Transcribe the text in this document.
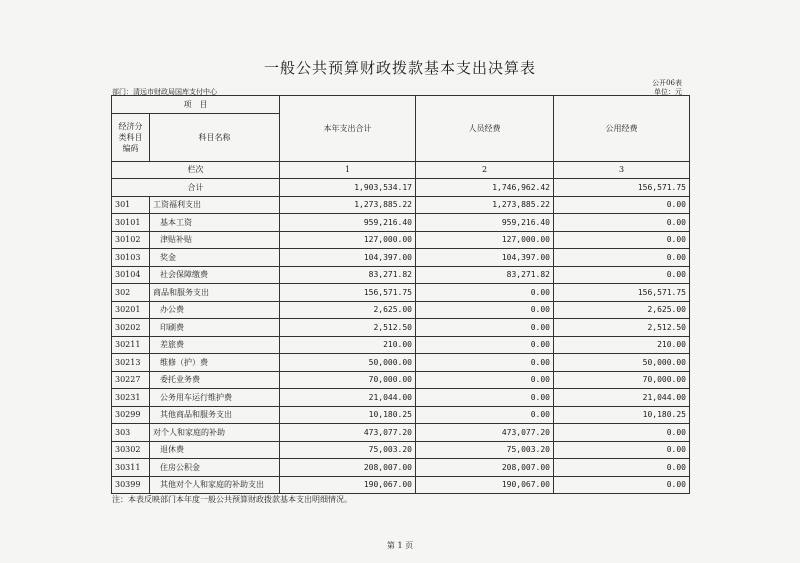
一般公共预算财政拨款基本支出决算表
公开06表
部门：清远市财政局国库支付中心	单位：元
项　目		本年支出合计	人员经费	公用经费
经济分类科目编码	科目名称			

栏次		1	2	3
合计		1,903,534.17	1,746,962.42	156,571.75
301	工资福利支出	1,273,885.22	1,273,885.22	0.00
30101	基本工资	959,216.40	959,216.40	0.00
30102	津贴补贴	127,000.00	127,000.00	0.00
30103	奖金	104,397.00	104,397.00	0.00
30104	社会保障缴费	83,271.82	83,271.82	0.00
302	商品和服务支出	156,571.75	0.00	156,571.75
30201	办公费	2,625.00	0.00	2,625.00
30202	印刷费	2,512.50	0.00	2,512.50
30211	差旅费	210.00	0.00	210.00
30213	维修（护）费	50,000.00	0.00	50,000.00
30227	委托业务费	70,000.00	0.00	70,000.00
30231	公务用车运行维护费	21,044.00	0.00	21,044.00
30299	其他商品和服务支出	10,180.25	0.00	10,180.25
303	对个人和家庭的补助	473,077.20	473,077.20	0.00
30302	退休费	75,003.20	75,003.20	0.00
30311	住房公积金	208,007.00	208,007.00	0.00
30399	其他对个人和家庭的补助支出	190,067.00	190,067.00	0.00
注：本表反映部门本年度一般公共预算财政拨款基本支出明细情况。
第 1 页
